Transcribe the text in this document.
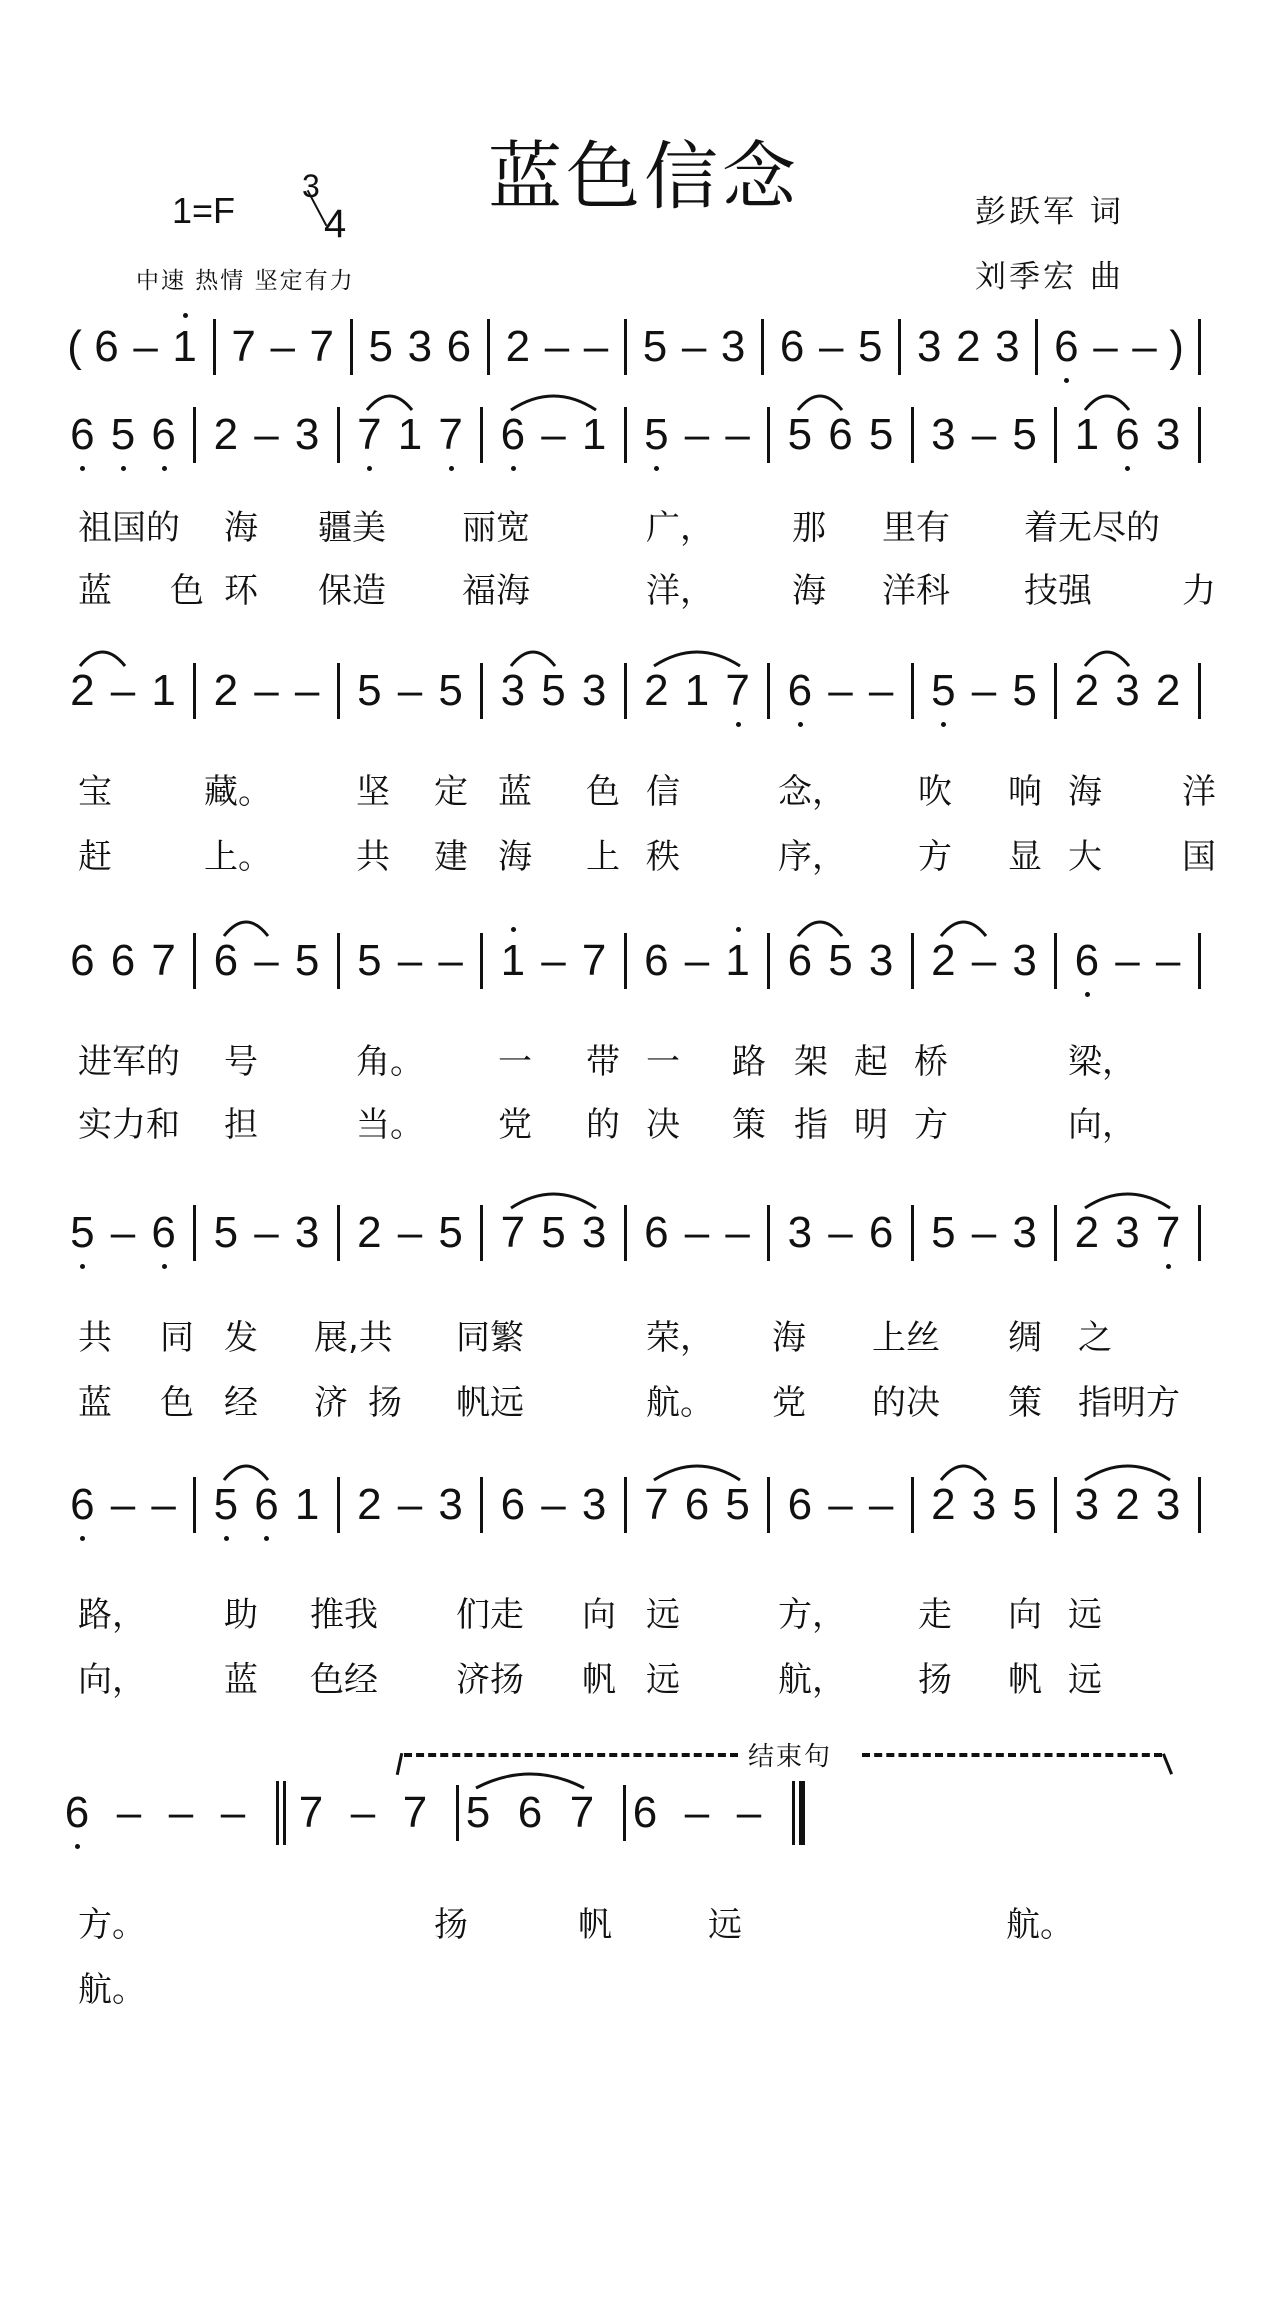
蓝色信念
1=F
3
4
中速 热情 坚定有力
彭跃军 词
刘季宏 曲
( 6 – 1 7 – 7 5 3 6 2 – – 5 – 3 6 – 5 3 2 3 6 – – )
6 5 6 2 – 3 7 1 7 6 – 1 5 – – 5 6 5 3 – 5 1 6 3
2 – 1 2 – – 5 – 5 3 5 3 2 1 7 6 – – 5 – 5 2 3 2
6 6 7 6 – 5 5 – – 1 – 7 6 – 1 6 5 3 2 – 3 6 – –
5 – 6 5 – 3 2 – 5 7 5 3 6 – – 3 – 6 5 – 3 2 3 7
6 – – 5 6 1 2 – 3 6 – 3 7 6 5 6 – – 2 3 5 3 2 3
6 – – – 7 – 7 5 6 7 6 – –
结束句
祖国的 海 疆美 丽宽	广， 那 里有 着无尽的
蓝 色 环 保造 福海	洋， 海 洋科 技强	力
宝	藏。 坚 定 蓝 色 信	念， 吹 响 海 洋
赶	上。 共 建 海 上 秩	序， 方 显 大 国
进军的 号	角。 一 带 一 路 架 起 桥	梁，
实力和 担	当。 党 的 决 策 指 明 方	向，
共 同 发 展,共 同繁	荣， 海 上丝 绸 之
蓝 色 经 济 扬 帆远	航。 党 的决 策 指明方
路， 助 推我 们走 向 远	方， 走 向 远
向， 蓝 色经 济扬 帆 远	航， 扬 帆 远
方。	扬	帆	远	航。
航。
